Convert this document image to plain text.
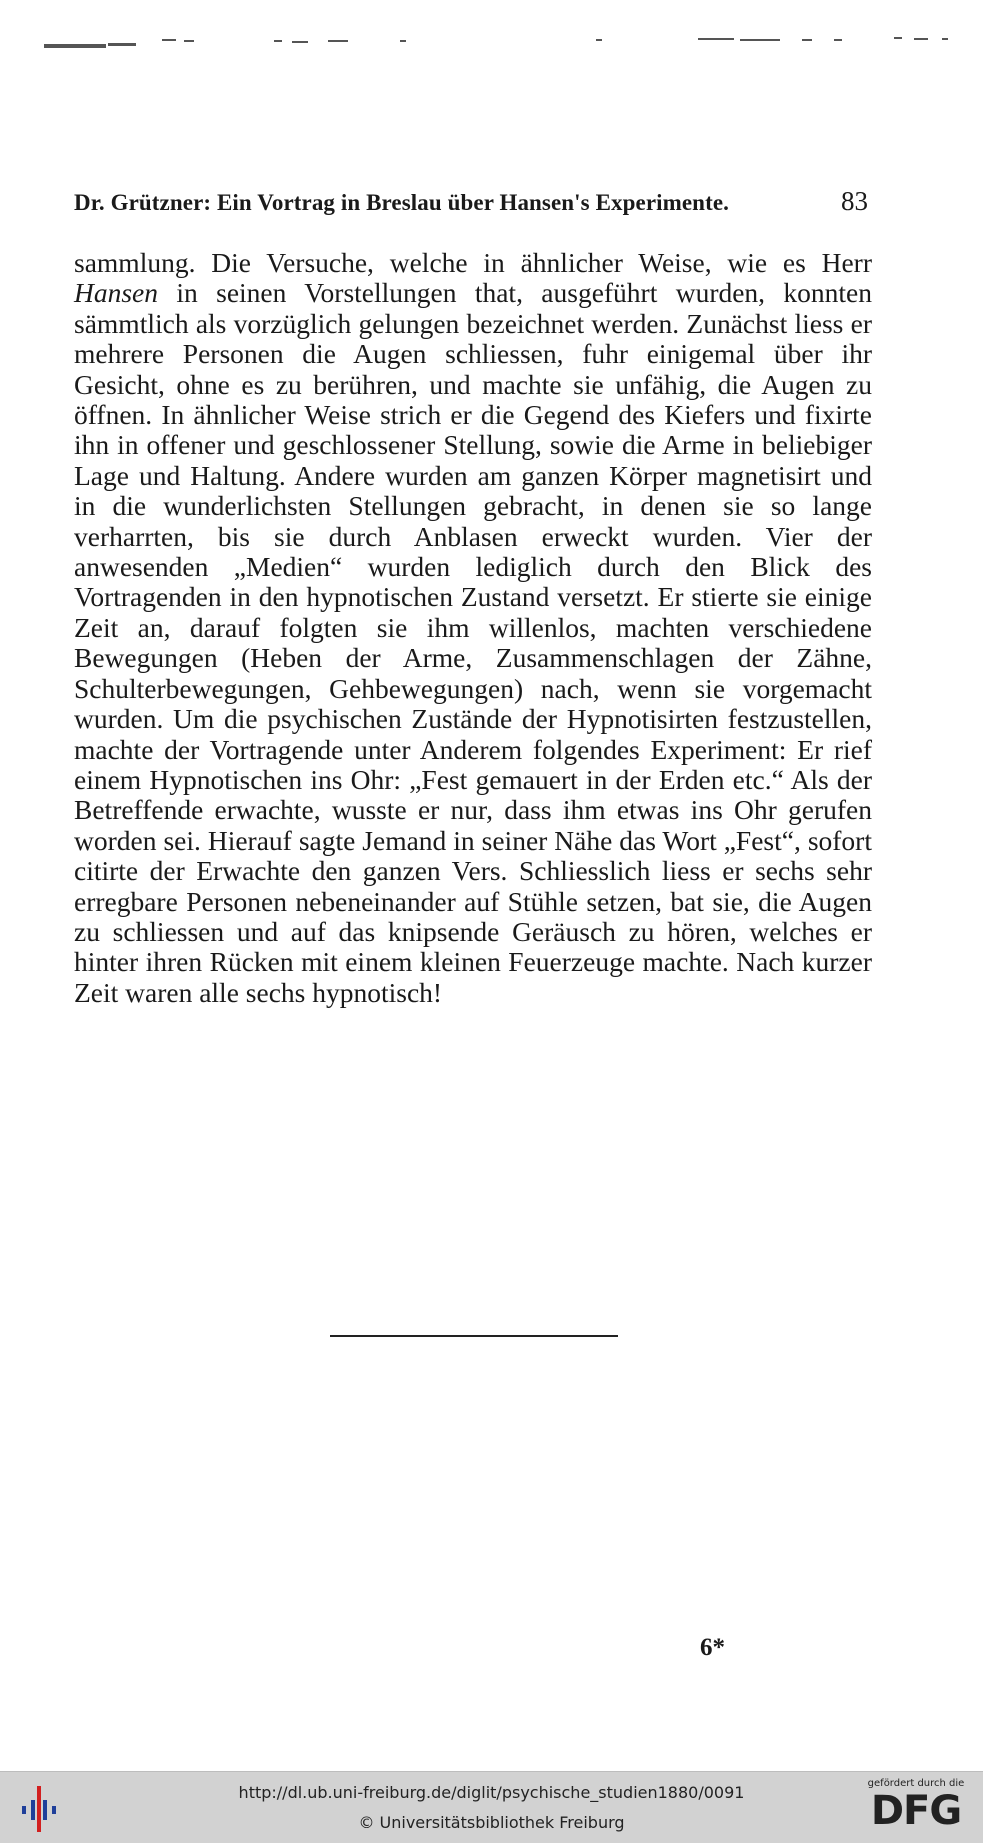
Dr. Grützner: Ein Vortrag in Breslau über Hansen's Experimente.	83

sammlung. Die Versuche, welche in ähnlicher Weise, wie es Herr Hansen in seinen Vorstellungen that, ausgeführt wurden, konnten sämmtlich als vorzüglich gelungen bezeichnet werden. Zunächst liess er mehrere Personen die Augen schliessen, fuhr einigemal über ihr Gesicht, ohne es zu berühren, und machte sie unfähig, die Augen zu öffnen. In ähnlicher Weise strich er die Gegend des Kiefers und fixirte ihn in offener und geschlossener Stellung, sowie die Arme in beliebiger Lage und Haltung. Andere wurden am ganzen Körper magnetisirt und in die wunderlichsten Stellungen gebracht, in denen sie so lange verharrten, bis sie durch Anblasen erweckt wurden. Vier der anwesenden „Medien“ wurden lediglich durch den Blick des Vortragenden in den hypnotischen Zustand versetzt. Er stierte sie einige Zeit an, darauf folgten sie ihm willenlos, machten verschiedene Bewegungen (Heben der Arme, Zusammenschlagen der Zähne, Schulterbewegungen, Gehbewegungen) nach, wenn sie vorgemacht wurden. Um die psychischen Zustände der Hypnotisirten festzustellen, machte der Vortragende unter Anderem folgendes Experiment: Er rief einem Hypnotischen ins Ohr: „Fest gemauert in der Erden etc.“ Als der Betreffende erwachte, wusste er nur, dass ihm etwas ins Ohr gerufen worden sei. Hierauf sagte Jemand in seiner Nähe das Wort „Fest“, sofort citirte der Erwachte den ganzen Vers. Schliesslich liess er sechs sehr erregbare Personen nebeneinander auf Stühle setzen, bat sie, die Augen zu schliessen und auf das knipsende Geräusch zu hören, welches er hinter ihren Rücken mit einem kleinen Feuerzeuge machte. Nach kurzer Zeit waren alle sechs hypnotisch!

6*
http://dl.ub.uni-freiburg.de/diglit/psychische_studien1880/0091
© Universitätsbibliothek Freiburg
gefördert durch die
DFG
